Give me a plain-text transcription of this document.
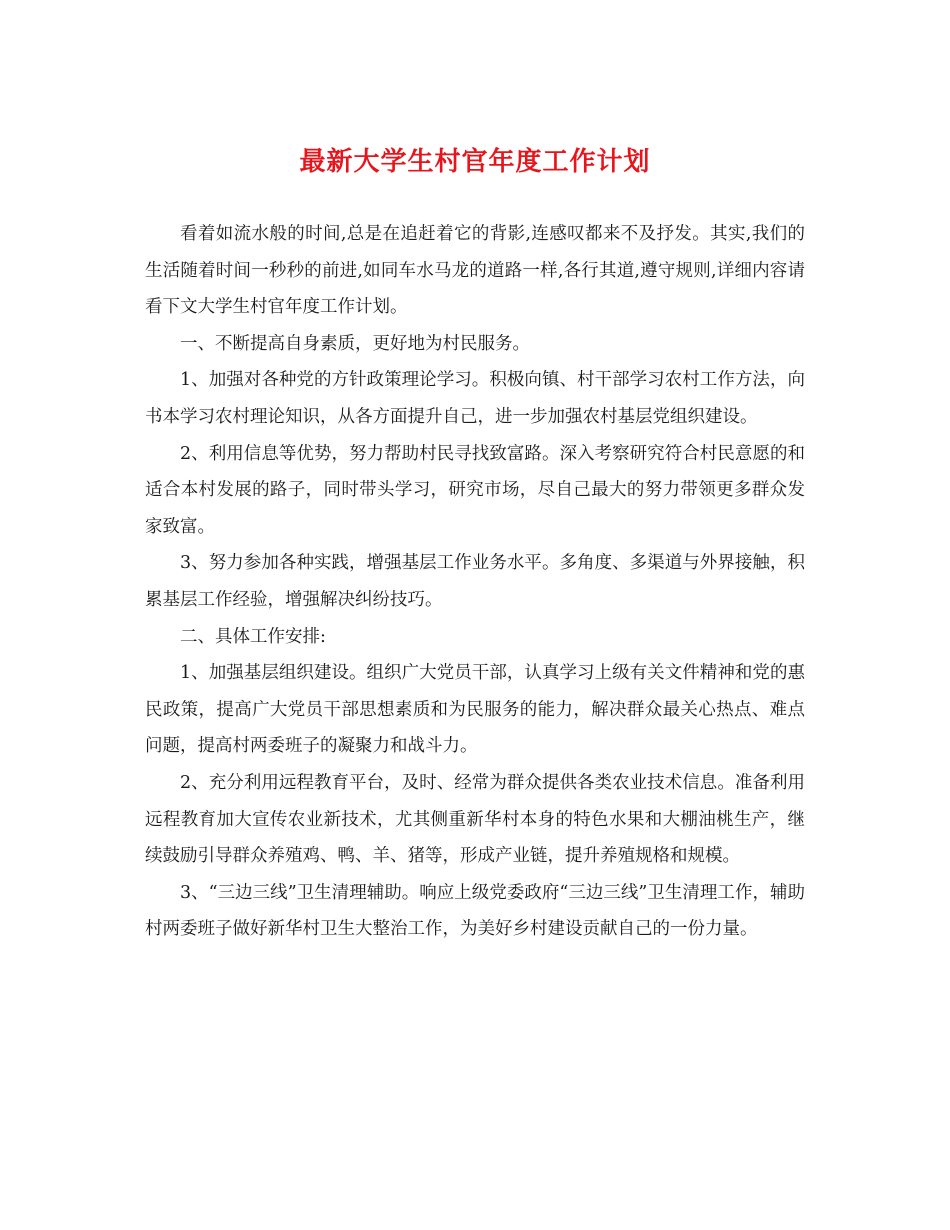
最新大学生村官年度工作计划

看着如流水般的时间,总是在追赶着它的背影,连感叹都来不及抒发。其实,我们的生活随着时间一秒秒的前进,如同车水马龙的道路一样,各行其道,遵守规则,详细内容请看下文大学生村官年度工作计划。

一、不断提高自身素质，更好地为村民服务。

1、加强对各种党的方针政策理论学习。积极向镇、村干部学习农村工作方法，向书本学习农村理论知识，从各方面提升自己，进一步加强农村基层党组织建设。

2、利用信息等优势，努力帮助村民寻找致富路。深入考察研究符合村民意愿的和适合本村发展的路子，同时带头学习，研究市场，尽自己最大的努力带领更多群众发家致富。

3、努力参加各种实践，增强基层工作业务水平。多角度、多渠道与外界接触，积累基层工作经验，增强解决纠纷技巧。

二、具体工作安排:

1、加强基层组织建设。组织广大党员干部，认真学习上级有关文件精神和党的惠民政策，提高广大党员干部思想素质和为民服务的能力，解决群众最关心热点、难点问题，提高村两委班子的凝聚力和战斗力。

2、充分利用远程教育平台，及时、经常为群众提供各类农业技术信息。准备利用远程教育加大宣传农业新技术，尤其侧重新华村本身的特色水果和大棚油桃生产，继续鼓励引导群众养殖鸡、鸭、羊、猪等，形成产业链，提升养殖规格和规模。

3、“三边三线”卫生清理辅助。响应上级党委政府“三边三线”卫生清理工作，辅助村两委班子做好新华村卫生大整治工作，为美好乡村建设贡献自己的一份力量。
